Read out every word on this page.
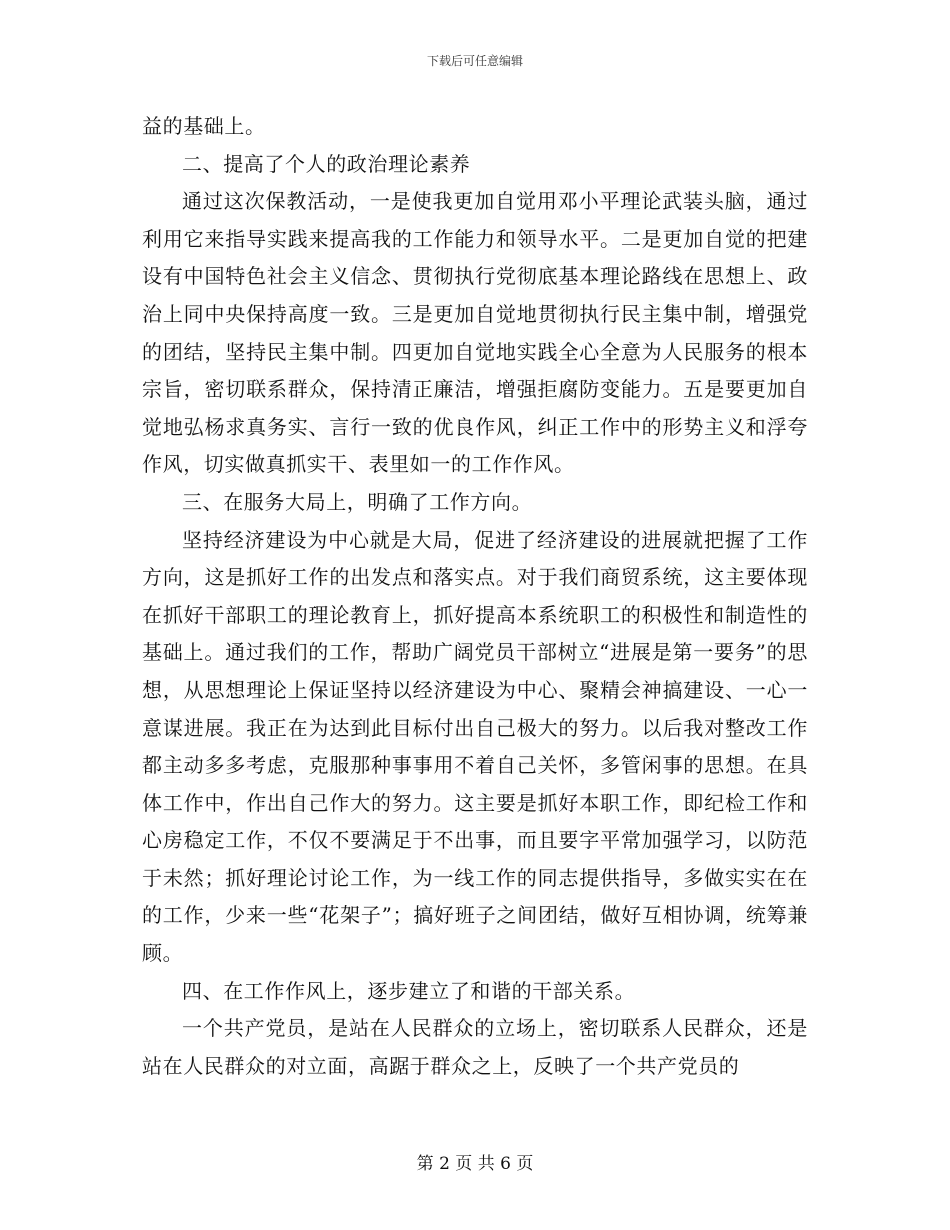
下载后可任意编辑

益的基础上。

二、提高了个人的政治理论素养

通过这次保教活动，一是使我更加自觉用邓小平理论武装头脑，通过利用它来指导实践来提高我的工作能力和领导水平。二是更加自觉的把建设有中国特色社会主义信念、贯彻执行党彻底基本理论路线在思想上、政治上同中央保持高度一致。三是更加自觉地贯彻执行民主集中制，增强党的团结，坚持民主集中制。四更加自觉地实践全心全意为人民服务的根本宗旨，密切联系群众，保持清正廉洁，增强拒腐防变能力。五是要更加自觉地弘杨求真务实、言行一致的优良作风，纠正工作中的形势主义和浮夸作风，切实做真抓实干、表里如一的工作作风。

三、在服务大局上，明确了工作方向。

坚持经济建设为中心就是大局，促进了经济建设的进展就把握了工作方向，这是抓好工作的出发点和落实点。对于我们商贸系统，这主要体现在抓好干部职工的理论教育上，抓好提高本系统职工的积极性和制造性的基础上。通过我们的工作，帮助广阔党员干部树立“进展是第一要务”的思想，从思想理论上保证坚持以经济建设为中心、聚精会神搞建设、一心一意谋进展。我正在为达到此目标付出自己极大的努力。以后我对整改工作都主动多多考虑，克服那种事事用不着自己关怀，多管闲事的思想。在具体工作中，作出自己作大的努力。这主要是抓好本职工作，即纪检工作和心房稳定工作，不仅不要满足于不出事，而且要字平常加强学习，以防范于未然；抓好理论讨论工作，为一线工作的同志提供指导，多做实实在在的工作，少来一些“花架子”；搞好班子之间团结，做好互相协调，统筹兼顾。

四、在工作作风上，逐步建立了和谐的干部关系。

一个共产党员，是站在人民群众的立场上，密切联系人民群众，还是站在人民群众的对立面，高踞于群众之上，反映了一个共产党员的

第 2 页 共 6 页
